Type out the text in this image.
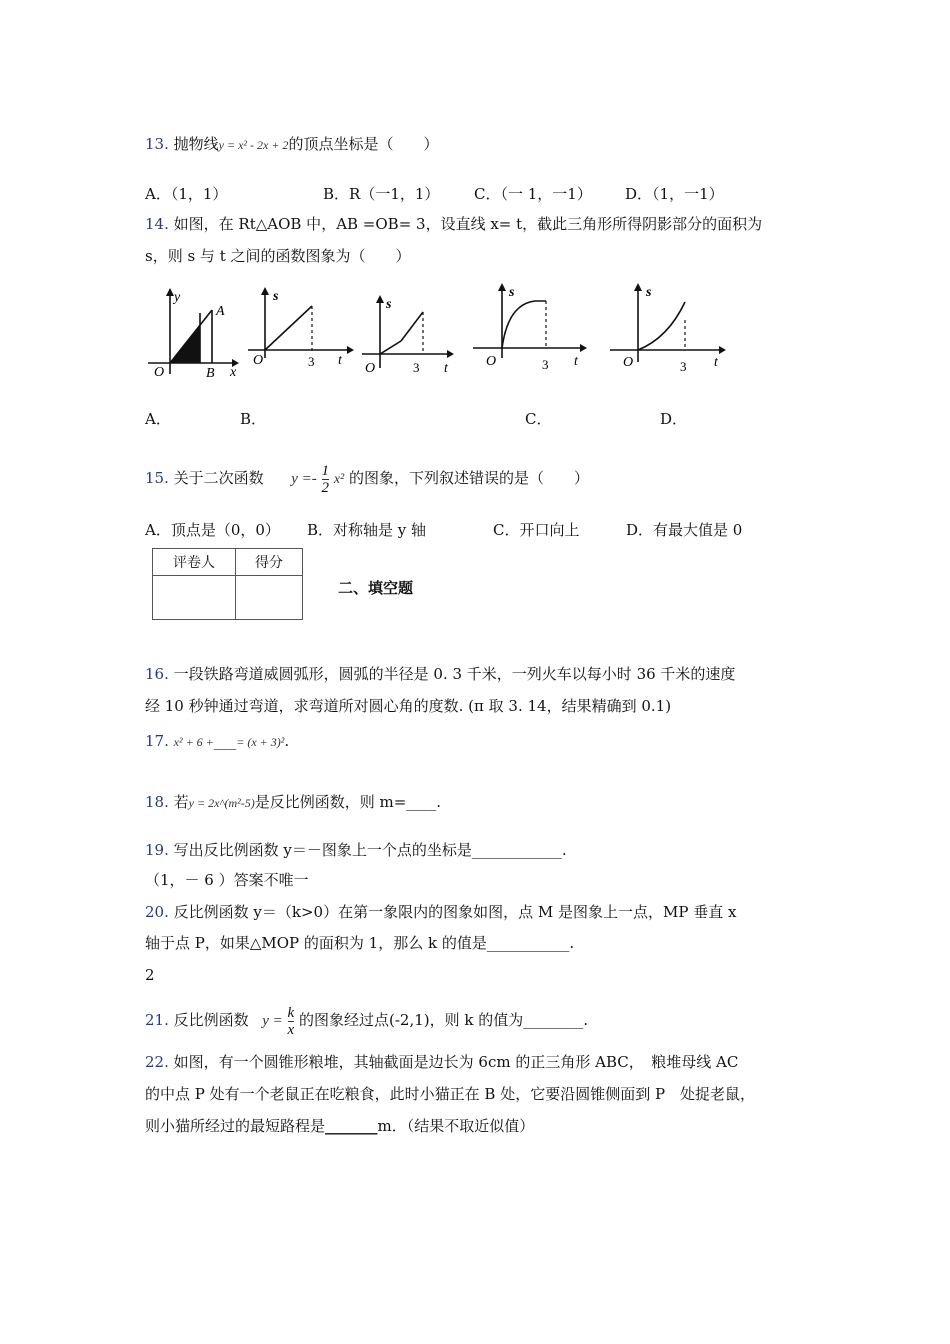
13. 抛物线y = x² - 2x + 2的顶点坐标是（　　）
A．（1，1）	B．R（一1，1） C．（一 1，一1） D．（1，一1）
14. 如图，在 Rt△AOB 中，AB =OB= 3，设直线 x= t，截此三角形所得阴影部分的面积为
s，则 s 与 t 之间的函数图象为（　　）
y
A
O	B x
s
O	3 t
s
O	3 t
s
O	3 t
s
O	3 t
A．	B．	C．	D．
15. 关于二次函数 $y =- \frac{1}{2} x^2$ 的图象，下列叙述错误的是（　　）
A．顶点是（0，0） B．对称轴是 y 轴	C．开口向上	D．有最大值是 0
评卷人	得分

二、填空题
16. 一段铁路弯道威圆弧形，圆弧的半径是 0. 3 千米，一列火车以每小时 36 千米的速度
经 10 秒钟通过弯道，求弯道所对圆心角的度数. (π 取 3. 14，结果精确到 0.1)
17. x² + 6 +___= (x + 3)².
18. 若y = 2x^(m²-5)是反比例函数，则 m=____.
19. 写出反比例函数 y＝－图象上一个点的坐标是____________.
（1，－ 6 ）答案不唯一
20. 反比例函数 y＝（k>0）在第一象限内的图象如图，点 M 是图象上一点，MP 垂直 x
轴于点 P，如果△MOP 的面积为 1，那么 k 的值是___________.
2
21. 反比例函数 $y = \frac{k}{x}$ 的图象经过点(-2,1)，则 k 的值为________.
22. 如图，有一个圆锥形粮堆，其轴截面是边长为 6cm 的正三角形 ABC，　粮堆母线 AC
的中点 P 处有一个老鼠正在吃粮食，此时小猫正在 B 处，它要沿圆锥侧面到 P　处捉老鼠，
则小猫所经过的最短路程是_______m．（结果不取近似值）
